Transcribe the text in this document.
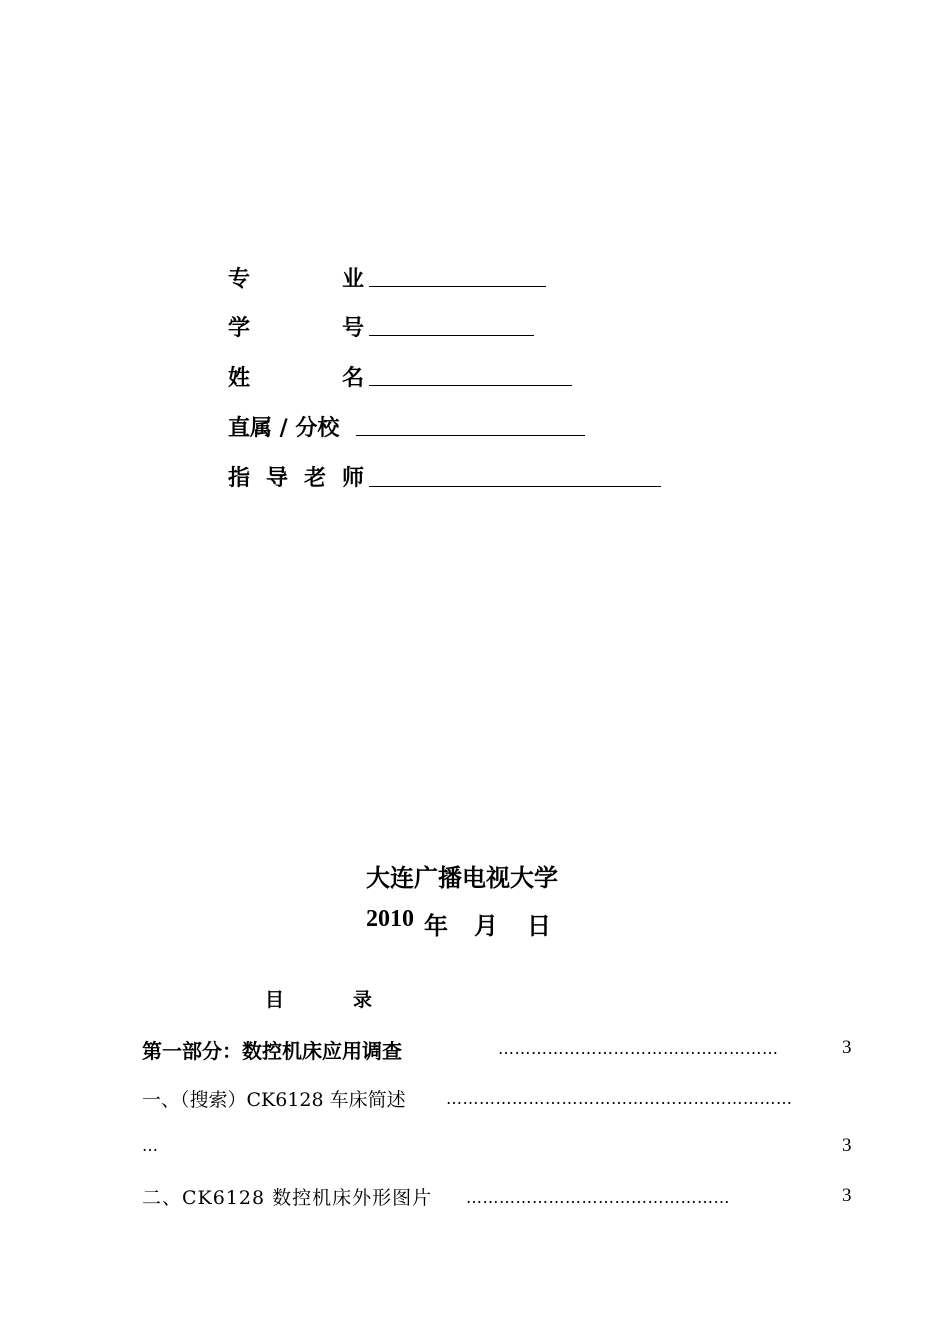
专	业
学	号
姓	名
直属 / 分校
指 导 老 师
大连广播电视大学
2010 年 月 日
目	录
第一部分：数控机床应用调查	……………………………………………	3
一、（搜索）CK6128 车床简述	………………………………………………………
…	3
二、CK6128 数控机床外形图片 …………………………………………	3
